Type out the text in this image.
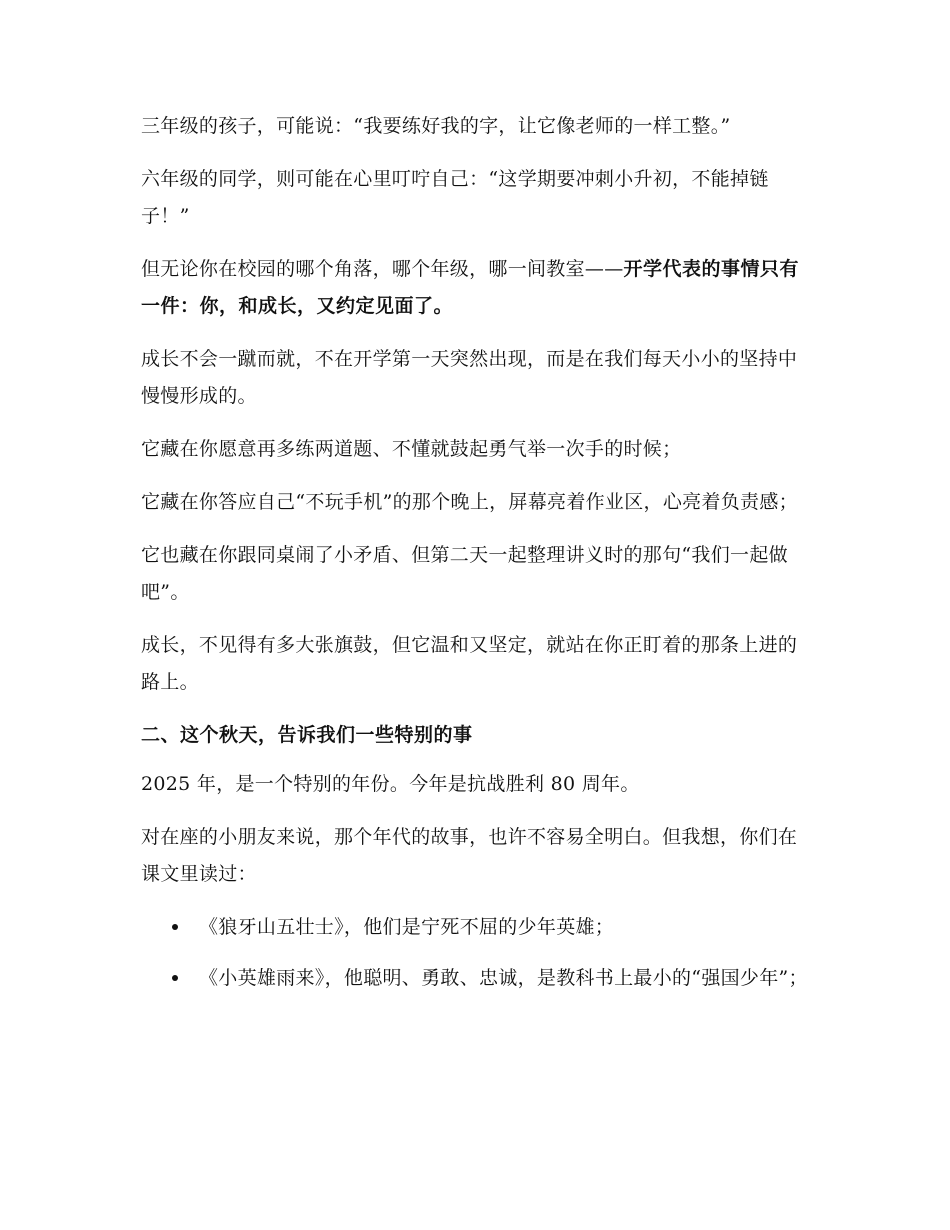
三年级的孩子，可能说：“我要练好我的字，让它像老师的一样工整。”

六年级的同学，则可能在心里叮咛自己：“这学期要冲刺小升初，不能掉链子！”

但无论你在校园的哪个角落，哪个年级，哪一间教室——开学代表的事情只有一件：你，和成长，又约定见面了。

成长不会一蹴而就，不在开学第一天突然出现，而是在我们每天小小的坚持中慢慢形成的。

它藏在你愿意再多练两道题、不懂就鼓起勇气举一次手的时候；

它藏在你答应自己“不玩手机”的那个晚上，屏幕亮着作业区，心亮着负责感；

它也藏在你跟同桌闹了小矛盾、但第二天一起整理讲义时的那句“我们一起做吧”。

成长，不见得有多大张旗鼓，但它温和又坚定，就站在你正盯着的那条上进的路上。

二、这个秋天，告诉我们一些特别的事

2025 年，是一个特别的年份。今年是抗战胜利 80 周年。

对在座的小朋友来说，那个年代的故事，也许不容易全明白。但我想，你们在课文里读过：

《狼牙山五壮士》，他们是宁死不屈的少年英雄；
《小英雄雨来》，他聪明、勇敢、忠诚，是教科书上最小的“强国少年”；
